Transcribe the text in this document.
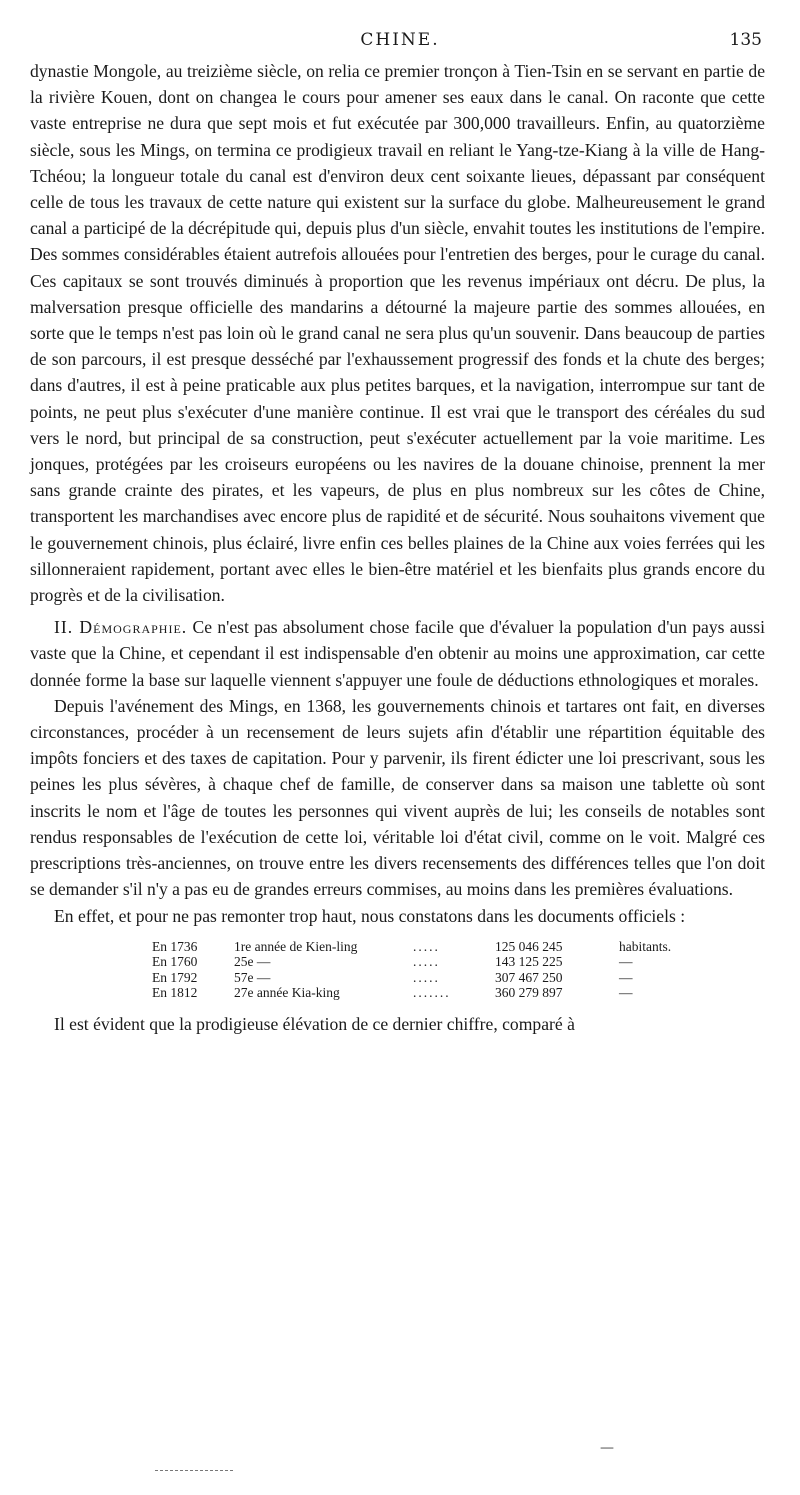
CHINE.	135

dynastie Mongole, au treizième siècle, on relia ce premier tronçon à Tien-Tsin en se servant en partie de la rivière Kouen, dont on changea le cours pour amener ses eaux dans le canal. On raconte que cette vaste entreprise ne dura que sept mois et fut exécutée par 300,000 travailleurs. Enfin, au quatorzième siècle, sous les Mings, on termina ce prodigieux travail en reliant le Yang-tze-Kiang à la ville de Hang-Tchéou; la longueur totale du canal est d'environ deux cent soixante lieues, dépassant par conséquent celle de tous les travaux de cette nature qui existent sur la surface du globe. Malheureusement le grand canal a participé de la décrépitude qui, depuis plus d'un siècle, envahit toutes les institutions de l'empire. Des sommes considérables étaient autrefois allouées pour l'entretien des berges, pour le curage du canal. Ces capitaux se sont trouvés diminués à proportion que les revenus impériaux ont décru. De plus, la malversation presque officielle des mandarins a détourné la majeure partie des sommes allouées, en sorte que le temps n'est pas loin où le grand canal ne sera plus qu'un souvenir. Dans beaucoup de parties de son parcours, il est presque desséché par l'exhaussement progressif des fonds et la chute des berges; dans d'autres, il est à peine praticable aux plus petites barques, et la navigation, interrompue sur tant de points, ne peut plus s'exécuter d'une manière continue. Il est vrai que le transport des céréales du sud vers le nord, but principal de sa construction, peut s'exécuter actuellement par la voie maritime. Les jonques, protégées par les croiseurs européens ou les navires de la douane chinoise, prennent la mer sans grande crainte des pirates, et les vapeurs, de plus en plus nombreux sur les côtes de Chine, transportent les marchandises avec encore plus de rapidité et de sécurité. Nous souhaitons vivement que le gouvernement chinois, plus éclairé, livre enfin ces belles plaines de la Chine aux voies ferrées qui les sillonneraient rapidement, portant avec elles le bien-être matériel et les bienfaits plus grands encore du progrès et de la civilisation.

II. Démographie. Ce n'est pas absolument chose facile que d'évaluer la population d'un pays aussi vaste que la Chine, et cependant il est indispensable d'en obtenir au moins une approximation, car cette donnée forme la base sur laquelle viennent s'appuyer une foule de déductions ethnologiques et morales.

Depuis l'avénement des Mings, en 1368, les gouvernements chinois et tartares ont fait, en diverses circonstances, procéder à un recensement de leurs sujets afin d'établir une répartition équitable des impôts fonciers et des taxes de capitation. Pour y parvenir, ils firent édicter une loi prescrivant, sous les peines les plus sévères, à chaque chef de famille, de conserver dans sa maison une tablette où sont inscrits le nom et l'âge de toutes les personnes qui vivent auprès de lui; les conseils de notables sont rendus responsables de l'exécution de cette loi, véritable loi d'état civil, comme on le voit. Malgré ces prescriptions très-anciennes, on trouve entre les divers recensements des différences telles que l'on doit se demander s'il n'y a pas eu de grandes erreurs commises, au moins dans les premières évaluations.

En effet, et pour ne pas remonter trop haut, nous constatons dans les documents officiels :

En 1736	1re année de Kien-ling	.....	125 046 245	habitants.
En 1760	25e —	.....	143 125 225	—
En 1792	57e —	.....	307 467 250	—
En 1812	27e année Kia-king	.......	360 279 897	—

Il est évident que la prodigieuse élévation de ce dernier chiffre, comparé à

—
